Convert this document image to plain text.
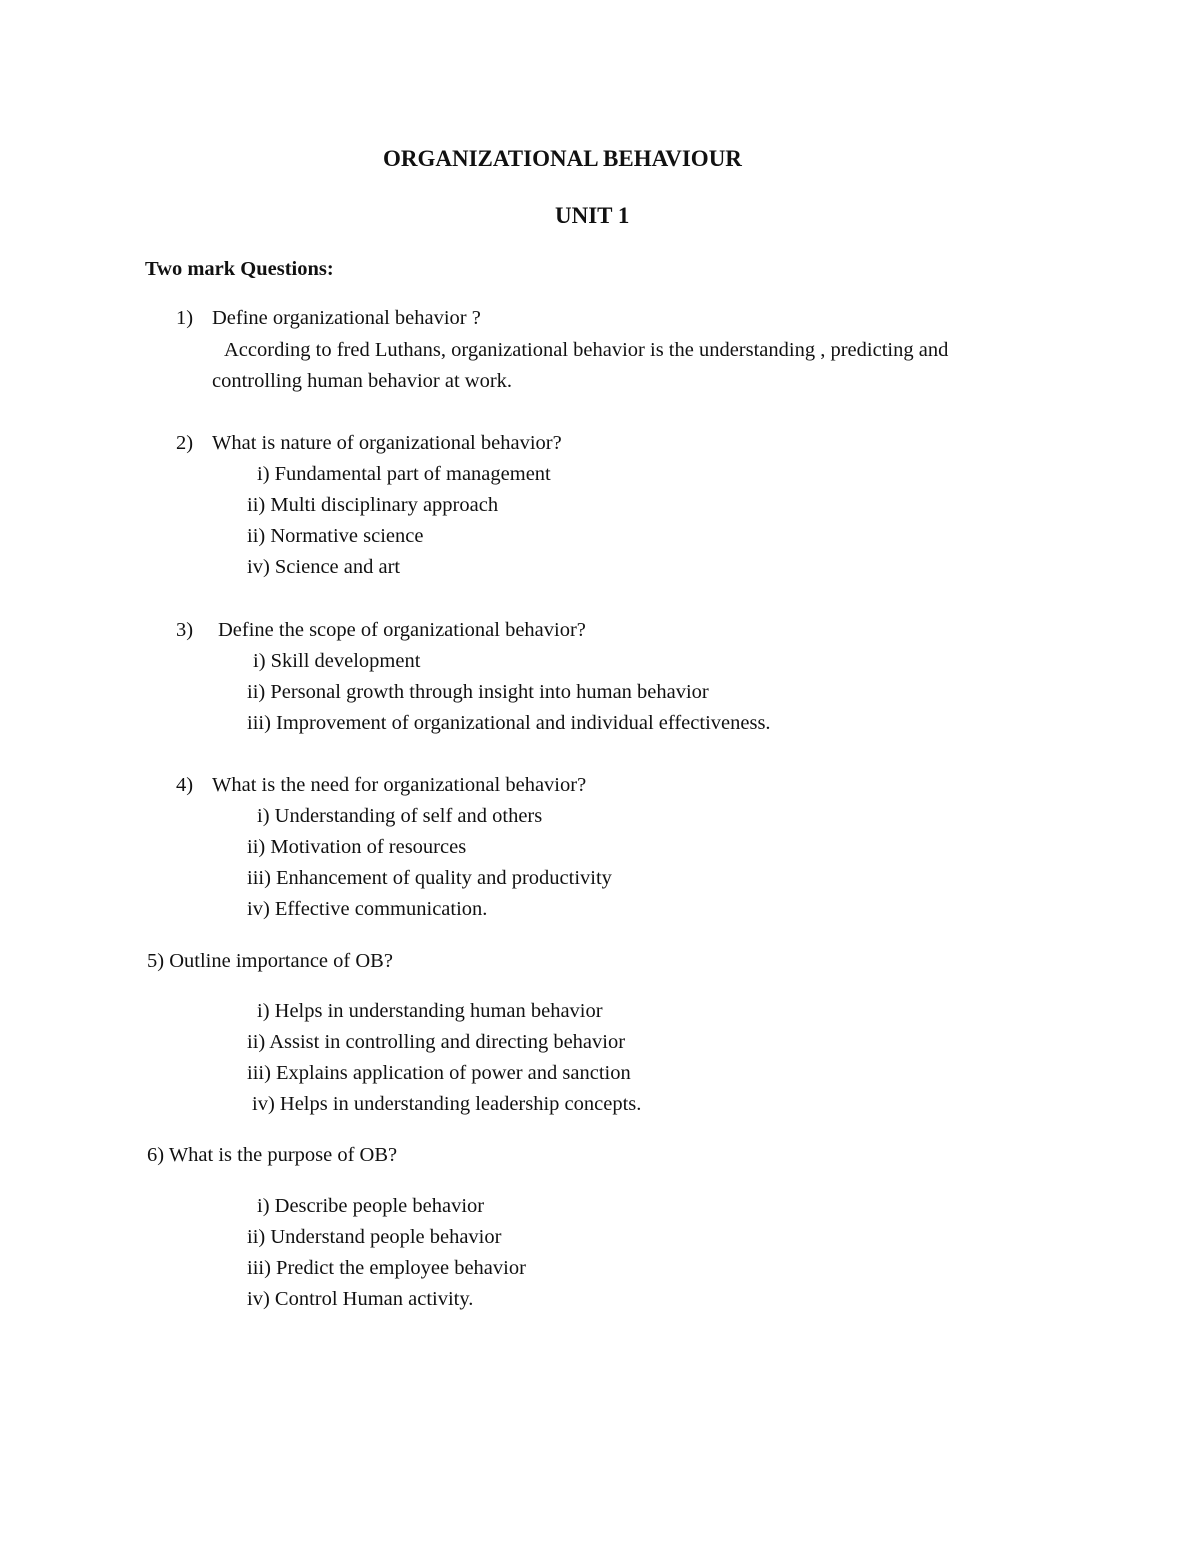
ORGANIZATIONAL BEHAVIOUR
UNIT 1
Two mark Questions:
1) Define organizational behavior ?
According to fred Luthans, organizational behavior is the understanding , predicting and
controlling human behavior at work.
2) What is nature of organizational behavior?
i) Fundamental part of management
ii) Multi disciplinary approach
ii) Normative science
iv) Science and art
3) Define the scope of organizational behavior?
i) Skill development
ii) Personal growth through insight into human behavior
iii) Improvement of organizational and individual effectiveness.
4) What is the need for organizational behavior?
i) Understanding of self and others
ii) Motivation of resources
iii) Enhancement of quality and productivity
iv) Effective communication.
5) Outline importance of OB?
i) Helps in understanding human behavior
ii) Assist in controlling and directing behavior
iii) Explains application of power and sanction
iv) Helps in understanding leadership concepts.
6) What is the purpose of OB?
i) Describe people behavior
ii) Understand people behavior
iii) Predict the employee behavior
iv) Control Human activity.
